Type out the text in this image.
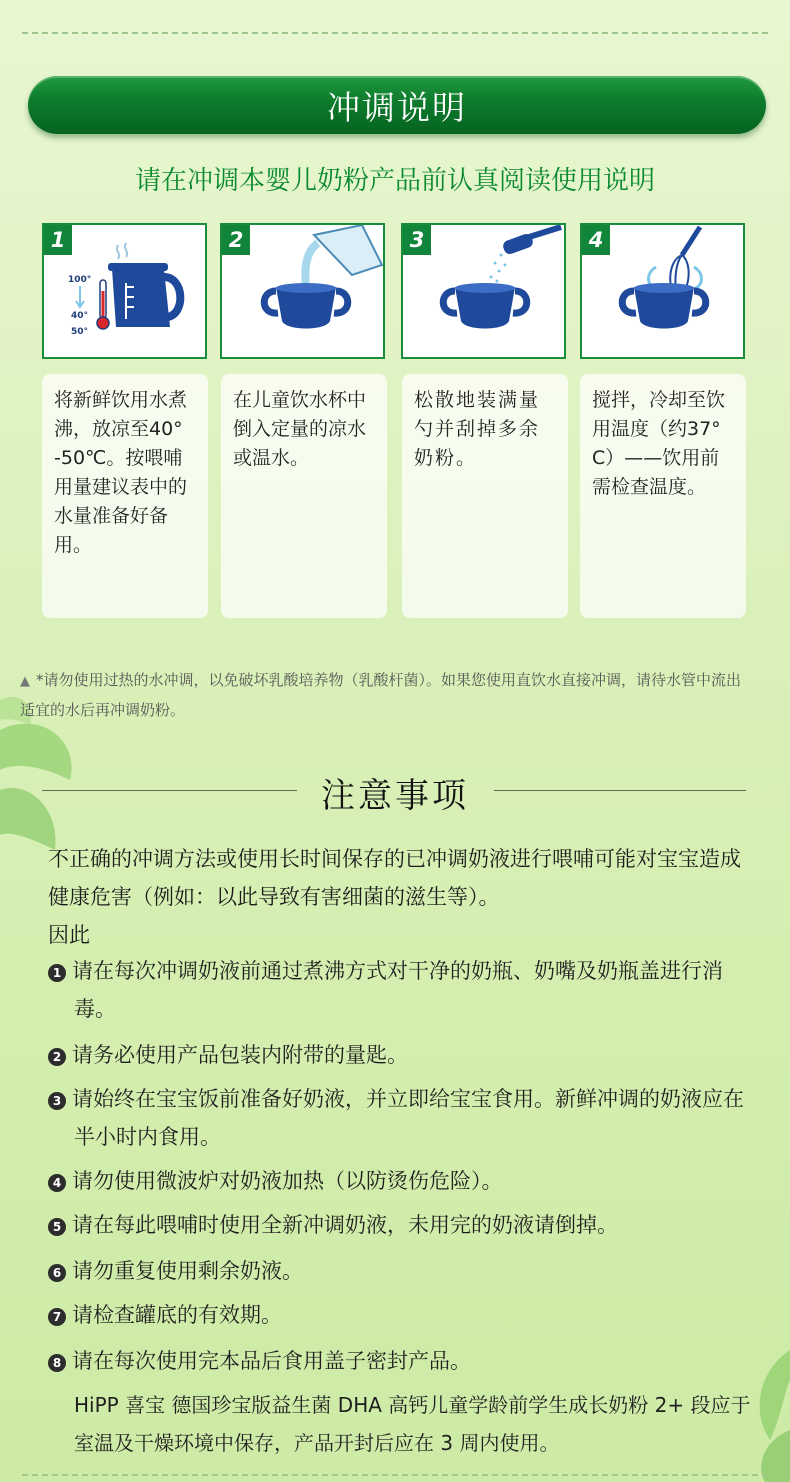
冲调说明
请在冲调本婴儿奶粉产品前认真阅读使用说明
1
100°
40°
50°
2	3	4
将新鲜饮用水煮沸，放凉至40° -50℃。按喂哺用量建议表中的水量准备好备用。
在儿童饮水杯中倒入定量的凉水或温水。
松散地装满量勺并刮掉多余奶粉。
搅拌，冷却至饮用温度（约37° C）——饮用前需检查温度。
▲ *请勿使用过热的水冲调，以免破坏乳酸培养物（乳酸杆菌）。如果您使用直饮水直接冲调，请待水管中流出适宜的水后再冲调奶粉。
注意事项
不正确的冲调方法或使用长时间保存的已冲调奶液进行喂哺可能对宝宝造成健康危害（例如：以此导致有害细菌的滋生等）。
因此
1 请在每次冲调奶液前通过煮沸方式对干净的奶瓶、奶嘴及奶瓶盖进行消毒。
2 请务必使用产品包装内附带的量匙。
3 请始终在宝宝饭前准备好奶液，并立即给宝宝食用。新鲜冲调的奶液应在半小时内食用。
4 请勿使用微波炉对奶液加热（以防烫伤危险）。
5 请在每此喂哺时使用全新冲调奶液，未用完的奶液请倒掉。
6 请勿重复使用剩余奶液。
7 请检查罐底的有效期。
8 请在每次使用完本品后食用盖子密封产品。
HiPP 喜宝 德国珍宝版益生菌 DHA 高钙儿童学龄前学生成长奶粉 2+ 段应于室温及干燥环境中保存，产品开封后应在 3 周内使用。
